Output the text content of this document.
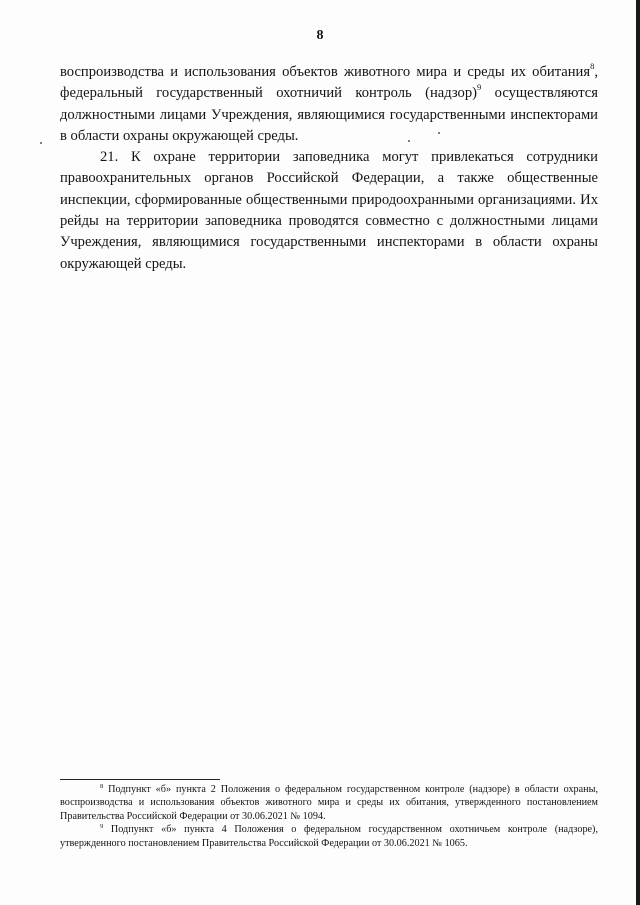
8

воспроизводства и использования объектов животного мира и среды их обитания$^8$, федеральный государственный охотничий контроль (надзор)$^9$ осуществляются должностными лицами Учреждения, являющимися государственными инспекторами в области охраны окружающей среды.

21. К охране территории заповедника могут привлекаться сотрудники правоохранительных органов Российской Федерации, а также общественные инспекции, сформированные общественными природоохранными организациями. Их рейды на территории заповедника проводятся совместно с должностными лицами Учреждения, являющимися государственными инспекторами в области охраны окружающей среды.

$^8$ Подпункт «б» пункта 2 Положения о федеральном государственном контроле (надзоре) в области охраны, воспроизводства и использования объектов животного мира и среды их обитания, утвержденного постановлением Правительства Российской Федерации от 30.06.2021 № 1094.

$^9$ Подпункт «б» пункта 4 Положения о федеральном государственном охотничьем контроле (надзоре), утвержденного постановлением Правительства Российской Федерации от 30.06.2021 № 1065.
